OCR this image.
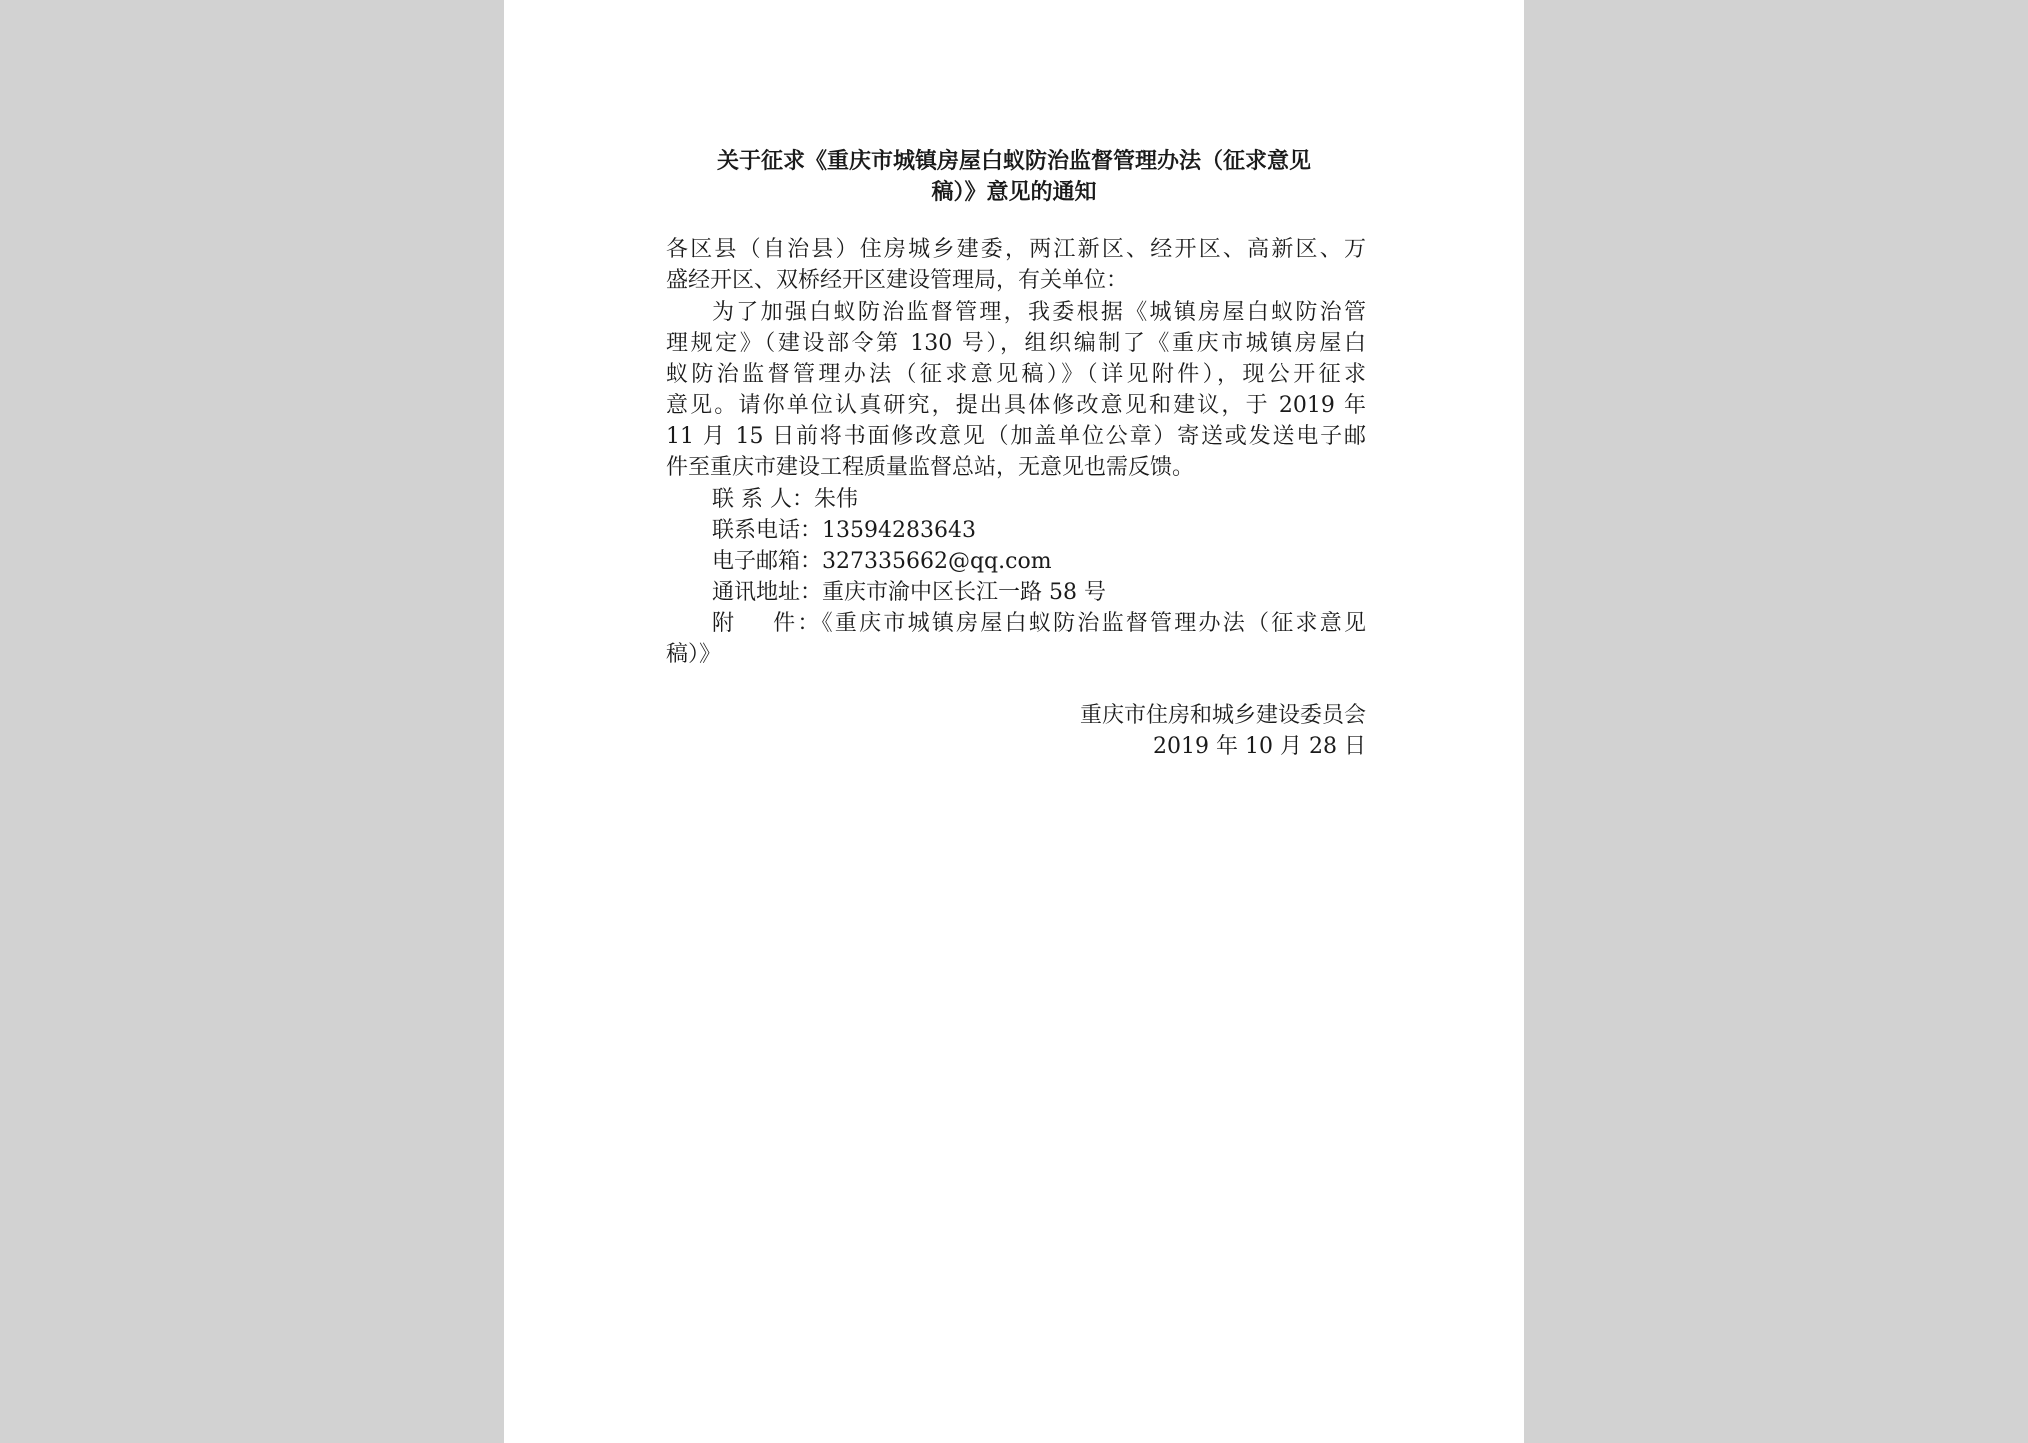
关于征求《重庆市城镇房屋白蚁防治监督管理办法（征求意见
稿）》意见的通知
各区县（自治县）住房城乡建委，两江新区、经开区、高新区、万
盛经开区、双桥经开区建设管理局，有关单位：
为了加强白蚁防治监督管理，我委根据《城镇房屋白蚁防治管
理规定》（建设部令第 130 号），组织编制了《重庆市城镇房屋白
蚁防治监督管理办法（征求意见稿）》（详见附件），现公开征求
意见。请你单位认真研究，提出具体修改意见和建议，于 2019 年
11 月 15 日前将书面修改意见（加盖单位公章）寄送或发送电子邮
件至重庆市建设工程质量监督总站，无意见也需反馈。
联 系 人：朱伟
联系电话：13594283643
电子邮箱：327335662@qq.com
通讯地址：重庆市渝中区长江一路 58 号
附    件：《重庆市城镇房屋白蚁防治监督管理办法（征求意见
稿）》
重庆市住房和城乡建设委员会
2019 年 10 月 28 日
